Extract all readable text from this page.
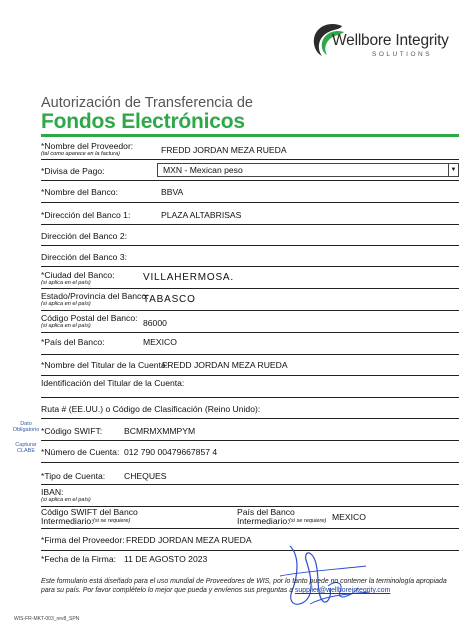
Wellbore Integrity
SOLUTIONS
Autorización de Transferencia de
Fondos Electrónicos
*Nombre del Proveedor:
(tal como aparece en la factura)	FREDD JORDAN MEZA RUEDA
*Divisa de Pago:	MXN - Mexican peso	▼
*Nombre del Banco:	BBVA
*Dirección del Banco 1:	PLAZA ALTABRISAS
Dirección del Banco 2:
Dirección del Banco 3:
*Ciudad del Banco:
(si aplica en el país)	VILLAHERMOSA.
Estado/Provincia del Banco:
(si aplica en el país)	TABASCO
Código Postal del Banco:
(si aplica en el país)	86000
*País del Banco:	MEXICO
*Nombre del Titular de la Cuenta:
FREDD JORDAN MEZA RUEDA
Identificación del Titular de la Cuenta:
Ruta # (EE.UU.) o Código de Clasificación (Reino Unido):
*Código SWIFT:	BCMRMXMMPYM
Dato
Obligatorio
*Número de Cuenta: 012 790 00479667857 4
Capturar
CLABE
*Tipo de Cuenta: CHEQUES
IBAN:
(si aplica en el país)
Código SWIFT del Banco
Intermediario: (si se requiere)
País del Banco
Intermediario: (si se requiere) MEXICO
*Firma del Proveedor: FREDD JORDAN MEZA RUEDA
*Fecha de la Firma: 11 DE AGOSTO 2023
Este formulario está diseñado para el uso mundial de Proveedores de WIS, por lo tanto puede no contener la terminología apropiada para su país. Por favor complételo lo mejor que pueda y envíenos sus preguntas a supplier@wellboreintegrity.com
WIS-FR-MKT-003_rev8_SPN
